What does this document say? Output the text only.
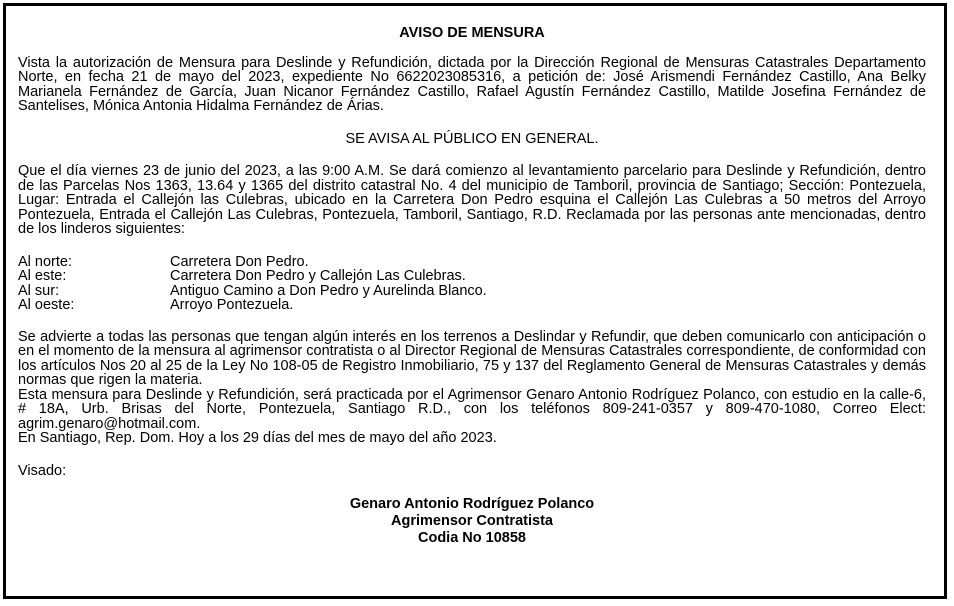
AVISO DE MENSURA

Vista la autorización de Mensura para Deslinde y Refundición, dictada por la Dirección Regional de Mensuras Catastrales Departamento Norte, en fecha 21 de mayo del 2023, expediente No 6622023085316, a petición de: José Arismendi Fernández Castillo, Ana Belky Marianela Fernández de García, Juan Nicanor Fernández Castillo, Rafael Agustín Fernández Castillo, Matilde Josefina Fernández de Santelises, Mónica Antonia Hidalma Fernández de Árias.

SE AVISA AL PÚBLICO EN GENERAL.

Que el día viernes 23 de junio del 2023, a las 9:00 A.M. Se dará comienzo al levantamiento parcelario para Deslinde y Refundición, dentro de las Parcelas Nos 1363, 13.64 y 1365 del distrito catastral No. 4 del municipio de Tamboril, provincia de Santiago; Sección: Pontezuela, Lugar: Entrada el Callejón las Culebras, ubicado en la Carretera Don Pedro esquina el Callejón Las Culebras a 50 metros del Arroyo Pontezuela, Entrada el Callejón Las Culebras, Pontezuela, Tamboril, Santiago, R.D. Reclamada por las personas ante mencionadas, dentro de los linderos siguientes:

Al norte:	Carretera Don Pedro.
Al este:	Carretera Don Pedro y Callejón Las Culebras.
Al sur:	Antiguo Camino a Don Pedro y Aurelinda Blanco.
Al oeste:	Arroyo Pontezuela.

Se advierte a todas las personas que tengan algún interés en los terrenos a Deslindar y Refundir, que deben comunicarlo con anticipación o en el momento de la mensura al agrimensor contratista o al Director Regional de Mensuras Catastrales correspondiente, de conformidad con los artículos Nos 20 al 25 de la Ley No 108-05 de Registro Inmobiliario, 75 y 137 del Reglamento General de Mensuras Catastrales y demás normas que rigen la materia.

Esta mensura para Deslinde y Refundición, será practicada por el Agrimensor Genaro Antonio Rodríguez Polanco, con estudio en la calle-6, # 18A, Urb. Brisas del Norte, Pontezuela, Santiago R.D., con los teléfonos 809-241-0357 y 809-470-1080, Correo Elect: agrim.genaro@hotmail.com.

En Santiago, Rep. Dom. Hoy a los 29 días del mes de mayo del año 2023.

Visado:

Genaro Antonio Rodríguez Polanco

Agrimensor Contratista

Codia No 10858
